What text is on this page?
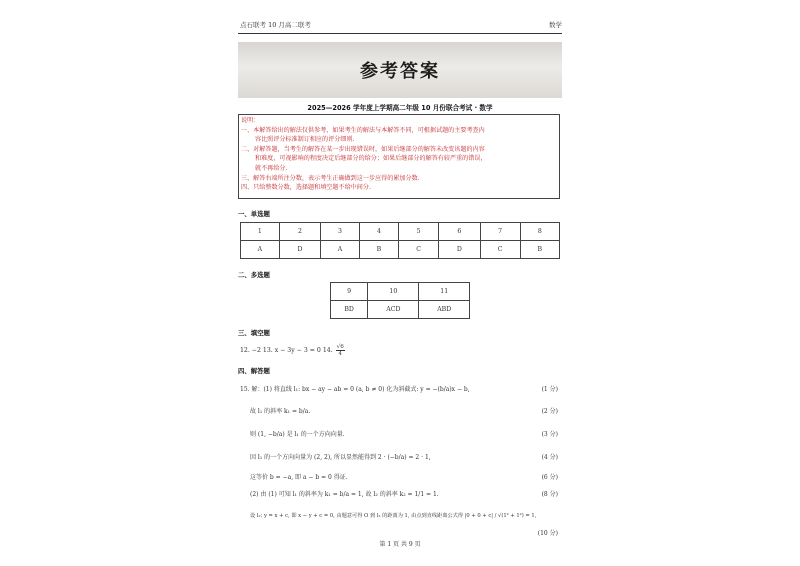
点石联考 10 月高二联考	数学
参考答案
2025—2026 学年度上学期高二年级 10 月份联合考试 · 数学
说明：
一、本解答给出的解法仅供参考，如果考生的解法与本解答不同，可根据试题的主要考查内
容比照评分标准制订相应的评分细则.
二、对解答题，当考生的解答在某一步出现错误时，如果后继部分的解答未改变该题的内容
和难度，可视影响的程度决定后继部分的给分；如果后继部分的解答有较严重的错误，
就不再给分.
三、解答右端所注分数，表示考生正确做到这一步应得的累加分数.
四、只给整数分数，选择题和填空题不给中间分.
一、单选题
1	2	3	4	5	6	7	8
A	D	A	B	C	D	C	B
二、多选题
9	10	11
BD	ACD	ABD
三、填空题
12. −2 13. x − 3y − 3 = 0 14. $\frac{√6}{4}$
四、解答题
15. 解：(1) 将直线 l₁: bx − ay − ab = 0 (a, b ≠ 0) 化为斜截式: y = −(b/a)x − b,	(1 分)
故 l₁ 的斜率 k₁ = b/a.	(2 分)
则 (1, −b/a) 是 l₁ 的一个方向向量.	(3 分)
因 l₁ 的一个方向向量为 (2, 2), 所以显然能得到 2 · (−b/a) = 2 · 1,	(4 分)
这等价 b = −a, 即 a − b = 0 得证.	(6 分)
(2) 由 (1) 可知 l₁ 的斜率为 k₁ = b/a = 1, 故 l₂ 的斜率 k₂ = 1/1 = 1.	(8 分)
设 l₂: y = x + c, 即 x − y + c = 0, 由题意可得 O 到 l₂ 的距离为 1, 由点到直线距离公式得 |0 + 0 + c| / √(1² + 1²) = 1,
(10 分)
第 1 页 共 9 页
